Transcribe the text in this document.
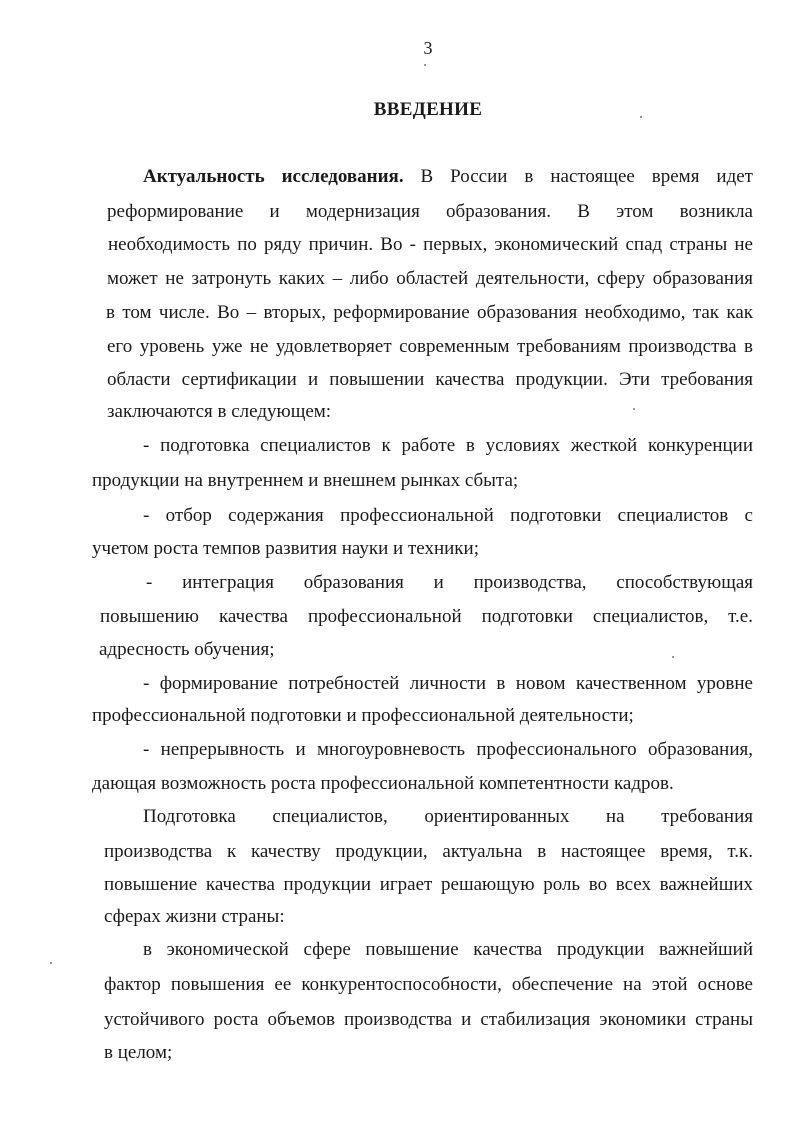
3
ВВЕДЕНИЕ
Актуальность исследования. В России в настоящее время идет
реформирование и модернизация образования. В этом возникла
необходимость по ряду причин. Во - первых, экономический спад страны не
может не затронуть каких – либо областей деятельности, сферу образования
в том числе. Во – вторых, реформирование образования необходимо, так как
его уровень уже не удовлетворяет современным требованиям производства в
области сертификации и повышении качества продукции. Эти требования
заключаются в следующем:
- подготовка специалистов к работе в условиях жесткой конкуренции
продукции на внутреннем и внешнем рынках сбыта;
- отбор содержания профессиональной подготовки специалистов с
учетом роста темпов развития науки и техники;
- интеграция образования и производства, способствующая
повышению качества профессиональной подготовки специалистов, т.е.
адресность обучения;
- формирование потребностей личности в новом качественном уровне
профессиональной подготовки и профессиональной деятельности;
- непрерывность и многоуровневость профессионального образования,
дающая возможность роста профессиональной компетентности кадров.
Подготовка специалистов, ориентированных на требования
производства к качеству продукции, актуальна в настоящее время, т.к.
повышение качества продукции играет решающую роль во всех важнейших
сферах жизни страны:
в экономической сфере повышение качества продукции важнейший
фактор повышения ее конкурентоспособности, обеспечение на этой основе
устойчивого роста объемов производства и стабилизация экономики страны
в целом;
